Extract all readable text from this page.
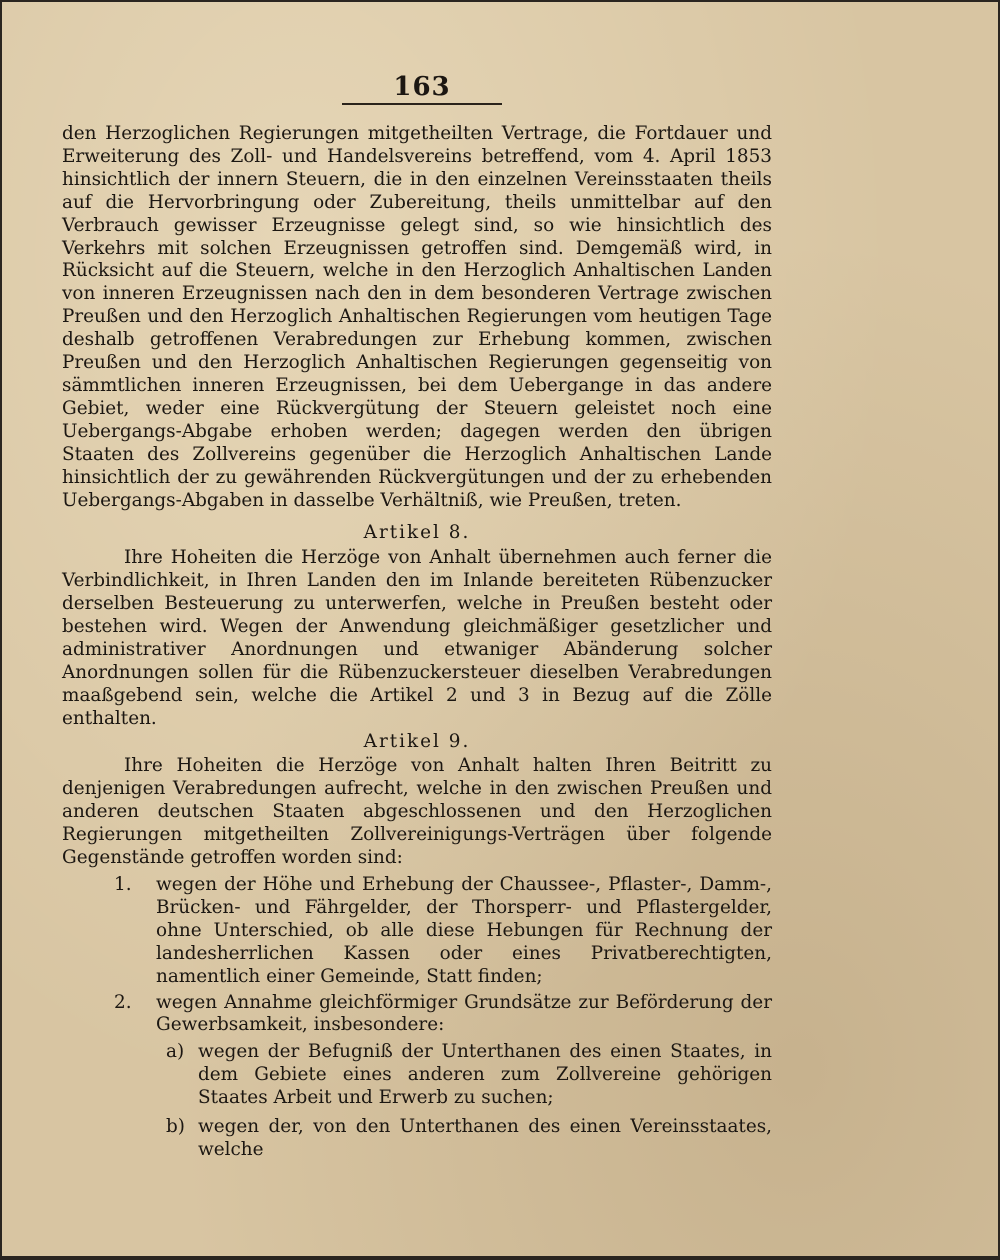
163

den Herzoglichen Regierungen mitgetheilten Vertrage, die Fortdauer und Erweiterung des Zoll- und Handelsvereins betreffend, vom 4. April 1853 hinsichtlich der innern Steuern, die in den einzelnen Vereinsstaaten theils auf die Hervorbringung oder Zubereitung, theils unmittelbar auf den Verbrauch gewisser Erzeugnisse gelegt sind, so wie hinsichtlich des Verkehrs mit solchen Erzeugnissen getroffen sind. Demgemäß wird, in Rücksicht auf die Steuern, welche in den Herzoglich Anhaltischen Landen von inneren Erzeugnissen nach den in dem besonderen Vertrage zwischen Preußen und den Herzoglich Anhaltischen Regierungen vom heutigen Tage deshalb getroffenen Verabredungen zur Erhebung kommen, zwischen Preußen und den Herzoglich Anhaltischen Regierungen gegenseitig von sämmtlichen inneren Erzeugnissen, bei dem Uebergange in das andere Gebiet, weder eine Rückvergütung der Steuern geleistet noch eine Uebergangs-Abgabe erhoben werden; dagegen werden den übrigen Staaten des Zollvereins gegenüber die Herzoglich Anhaltischen Lande hinsichtlich der zu gewährenden Rückvergütungen und der zu erhebenden Uebergangs-Abgaben in dasselbe Verhältniß, wie Preußen, treten.

Artikel 8.

Ihre Hoheiten die Herzöge von Anhalt übernehmen auch ferner die Verbindlichkeit, in Ihren Landen den im Inlande bereiteten Rübenzucker derselben Besteuerung zu unterwerfen, welche in Preußen besteht oder bestehen wird. Wegen der Anwendung gleichmäßiger gesetzlicher und administrativer Anordnungen und etwaniger Abänderung solcher Anordnungen sollen für die Rübenzuckersteuer dieselben Verabredungen maaßgebend sein, welche die Artikel 2 und 3 in Bezug auf die Zölle enthalten.

Artikel 9.

Ihre Hoheiten die Herzöge von Anhalt halten Ihren Beitritt zu denjenigen Verabredungen aufrecht, welche in den zwischen Preußen und anderen deutschen Staaten abgeschlossenen und den Herzoglichen Regierungen mitgetheilten Zollvereinigungs-Verträgen über folgende Gegenstände getroffen worden sind:

1. wegen der Höhe und Erhebung der Chaussee-, Pflaster-, Damm-, Brücken- und Fährgelder, der Thorsperr- und Pflastergelder, ohne Unterschied, ob alle diese Hebungen für Rechnung der landesherrlichen Kassen oder eines Privatberechtigten, namentlich einer Gemeinde, Statt finden;
2. wegen Annahme gleichförmiger Grundsätze zur Beförderung der Gewerbsamkeit, insbesondere:
a) wegen der Befugniß der Unterthanen des einen Staates, in dem Gebiete eines anderen zum Zollvereine gehörigen Staates Arbeit und Erwerb zu suchen;
b) wegen der, von den Unterthanen des einen Vereinsstaates, welche
